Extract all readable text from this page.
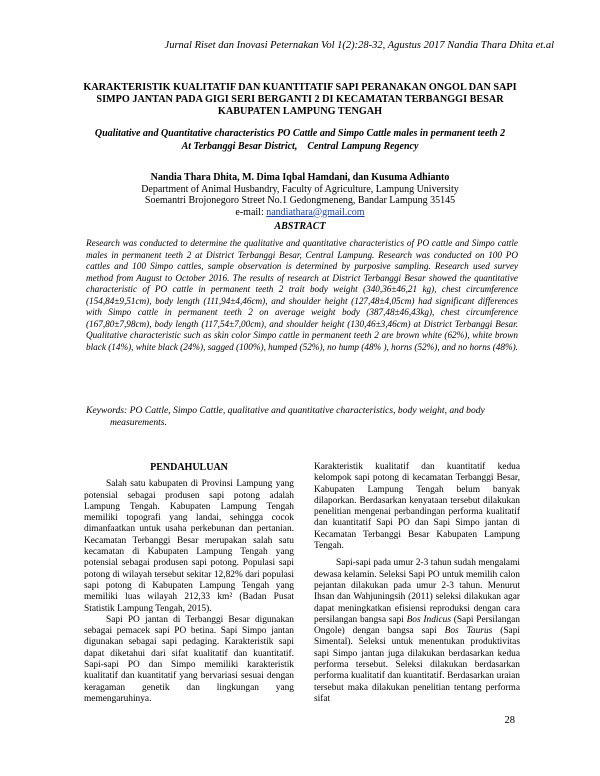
Jurnal Riset dan Inovasi Peternakan Vol 1(2):28-32, Agustus 2017 Nandia Thara Dhita et.al
KARAKTERISTIK KUALITATIF DAN KUANTITATIF SAPI PERANAKAN ONGOL DAN SAPI
SIMPO JANTAN PADA GIGI SERI BERGANTI 2 DI KECAMATAN TERBANGGI BESAR
KABUPATEN LAMPUNG TENGAH
Qualitative and Quantitative characteristics PO Cattle and Simpo Cattle males in permanent teeth 2
At Terbanggi Besar District,    Central Lampung Regency
Nandia Thara Dhita, M. Dima Iqbal Hamdani, dan Kusuma Adhianto
Department of Animal Husbandry, Faculty of Agriculture, Lampung University
Soemantri Brojonegoro Street No.1 Gedongmeneng, Bandar Lampung 35145
e-mail: nandiathara@gmail.com
ABSTRACT
Research was conducted to determine the qualitative and quantitative characteristics of PO cattle and Simpo cattle males in permanent teeth 2 at District Terbanggi Besar, Central Lampung. Research was conducted on 100 PO cattles and 100 Simpo cattles, sample observation is determined by purposive sampling. Research used survey method from August to October 2016. The results of research at District Terbanggi Besar showed the quantitative characteristic of PO cattle in permanent teeth 2 trait body weight (340,36±46,21 kg), chest circumference (154,84±9,51cm), body length (111,94±4,46cm), and shoulder height (127,48±4,05cm) had significant differences with Simpo cattle in permanent teeth 2 on average weight body (387,48±46,43kg), chest circumference (167,80±7,98cm), body length (117,54±7,00cm), and shoulder height (130,46±3,46cm) at District Terbanggi Besar. Qualitative characteristic such as skin color Simpo cattle in permanent teeth 2 are brown white (62%), white brown black (14%), white black (24%), sagged (100%), humped (52%), no hump (48% ), horns (52%), and no horns (48%).
Keywords: PO Cattle, Simpo Cattle, qualitative and quantitative characteristics, body weight, and body
measurements.

PENDAHULUAN

Salah satu kabupaten di Provinsi Lampung yang potensial sebagai produsen sapi potong adalah Lampung Tengah. Kabupaten Lampung Tengah memiliki topografi yang landai, sehingga cocok dimanfaatkan untuk usaha perkebunan dan pertanian. Kecamatan Terbanggi Besar merupakan salah satu kecamatan di Kabupaten Lampung Tengah yang potensial sebagai produsen sapi potong. Populasi sapi potong di wilayah tersebut sekitar 12,82% dari populasi sapi potong di Kabupaten Lampung Tengah yang memiliki luas wilayah 212,33 km² (Badan Pusat Statistik Lampung Tengah, 2015).

Sapi PO jantan di Terbanggi Besar digunakan sebagai pemacek sapi PO betina. Sapi Simpo jantan digunakan sebagai sapi pedaging. Karakteristik sapi dapat diketahui dari sifat kualitatif dan kuantitatif. Sapi-sapi PO dan Simpo memiliki karakteristik kualitatif dan kuantitatif yang bervariasi sesuai dengan keragaman genetik dan lingkungan yang memengaruhinya.

Karakteristik kualitatif dan kuantitatif kedua kelompok sapi potong di kecamatan Terbanggi Besar, Kabupaten Lampung Tengah belum banyak dilaporkan. Berdasarkan kenyataan tersebut dilakukan penelitian mengenai perbandingan performa kualitatif dan kuantitatif Sapi PO dan Sapi Simpo jantan di Kecamatan Terbanggi Besar Kabupaten Lampung Tengah.

Sapi-sapi pada umur 2-3 tahun sudah mengalami dewasa kelamin. Seleksi Sapi PO untuk memilih calon pejantan dilakukan pada umur 2-3 tahun. Menurut Ihsan dan Wahjuningsih (2011) seleksi dilakukan agar dapat meningkatkan efisiensi reproduksi dengan cara persilangan bangsa sapi Bos Indicus (Sapi Persilangan Ongole) dengan bangsa sapi Bos Taurus (Sapi Simental). Seleksi untuk menentukan produktivitas sapi Simpo jantan juga dilakukan berdasarkan kedua performa tersebut. Seleksi dilakukan berdasarkan performa kualitatif dan kuantitatif. Berdasarkan uraian tersebut maka dilakukan penelitian tentang performa sifat

28
